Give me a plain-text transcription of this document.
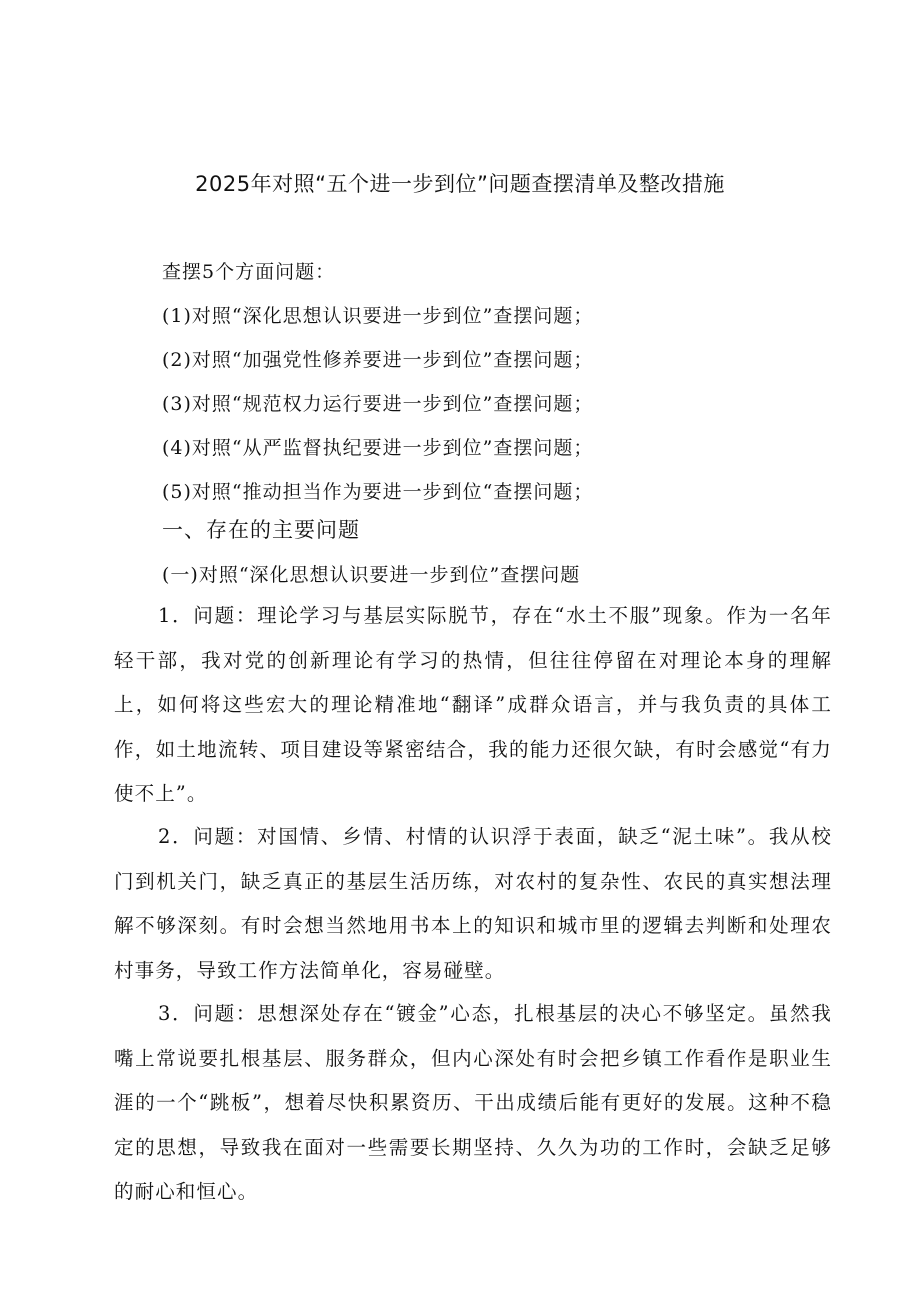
2025年对照“五个进一步到位”问题查摆清单及整改措施
查摆5个方面问题：
(1)对照“深化思想认识要进一步到位”查摆问题；
(2)对照“加强党性修养要进一步到位”查摆问题；
(3)对照“规范权力运行要进一步到位”查摆问题；
(4)对照“从严监督执纪要进一步到位”查摆问题；
(5)对照“推动担当作为要进一步到位“查摆问题；
一、存在的主要问题
(一)对照“深化思想认识要进一步到位”查摆问题

1．问题：理论学习与基层实际脱节，存在“水土不服”现象。作为一名年轻干部，我对党的创新理论有学习的热情，但往往停留在对理论本身的理解上，如何将这些宏大的理论精准地“翻译”成群众语言，并与我负责的具体工作，如土地流转、项目建设等紧密结合，我的能力还很欠缺，有时会感觉“有力使不上”。

2．问题：对国情、乡情、村情的认识浮于表面，缺乏“泥土味”。我从校门到机关门，缺乏真正的基层生活历练，对农村的复杂性、农民的真实想法理解不够深刻。有时会想当然地用书本上的知识和城市里的逻辑去判断和处理农村事务，导致工作方法简单化，容易碰壁。

3．问题：思想深处存在“镀金”心态，扎根基层的决心不够坚定。虽然我嘴上常说要扎根基层、服务群众，但内心深处有时会把乡镇工作看作是职业生涯的一个“跳板”，想着尽快积累资历、干出成绩后能有更好的发展。这种不稳定的思想，导致我在面对一些需要长期坚持、久久为功的工作时，会缺乏足够的耐心和恒心。
